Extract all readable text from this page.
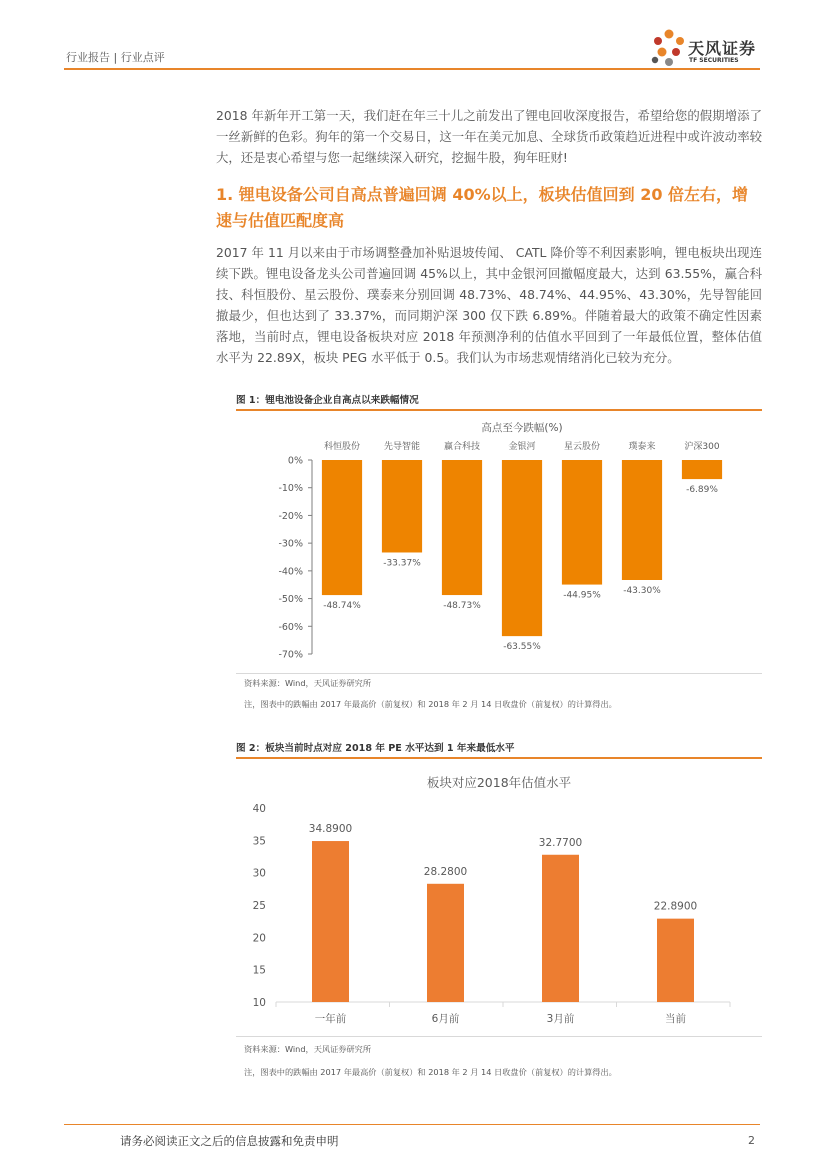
行业报告 | 行业点评	天风证券
TF SECURITIES

2018 年新年开工第一天，我们赶在年三十儿之前发出了锂电回收深度报告，希望给您的假期增添了一丝新鲜的色彩。狗年的第一个交易日，这一年在美元加息、全球货币政策趋近进程中或许波动率较大，还是衷心希望与您一起继续深入研究，挖掘牛股，狗年旺财!

1. 锂电设备公司自高点普遍回调 40%以上，板块估值回到 20 倍左右，增速与估值匹配度高

2017 年 11 月以来由于市场调整叠加补贴退坡传闻、 CATL 降价等不利因素影响，锂电板块出现连续下跌。锂电设备龙头公司普遍回调 45%以上，其中金银河回撤幅度最大，达到 63.55%，赢合科技、科恒股份、星云股份、璞泰来分别回调 48.73%、48.74%、44.95%、43.30%，先导智能回撤最少，但也达到了 33.37%，而同期沪深 300 仅下跌 6.89%。伴随着最大的政策不确定性因素落地，当前时点，锂电设备板块对应 2018 年预测净利的估值水平回到了一年最低位置，整体估值水平为 22.89X，板块 PEG 水平低于 0.5。我们认为市场悲观情绪消化已较为充分。

图 1：锂电池设备企业自高点以来跌幅情况
高点至今跌幅(%)
0%
-10%
-20%
-30%
-40%
-50%
-60%
-70%
科恒股份
-48.74%
先导智能
-33.37%
赢合科技
-48.73%
金银河
-63.55%
星云股份
-44.95%
璞泰来
-43.30%
沪深300
-6.89%
资料来源：Wind，天风证券研究所
注，图表中的跌幅由 2017 年最高价（前复权）和 2018 年 2 月 14 日收盘价（前复权）的计算得出。
图 2：板块当前时点对应 2018 年 PE 水平达到 1 年来最低水平
板块对应2018年估值水平
40
35
30
25
20
15
10
34.8900
一年前
28.2800
6月前
32.7700
3月前
22.8900
当前
资料来源：Wind，天风证券研究所
注，图表中的跌幅由 2017 年最高价（前复权）和 2018 年 2 月 14 日收盘价（前复权）的计算得出。
请务必阅读正文之后的信息披露和免责申明	2
